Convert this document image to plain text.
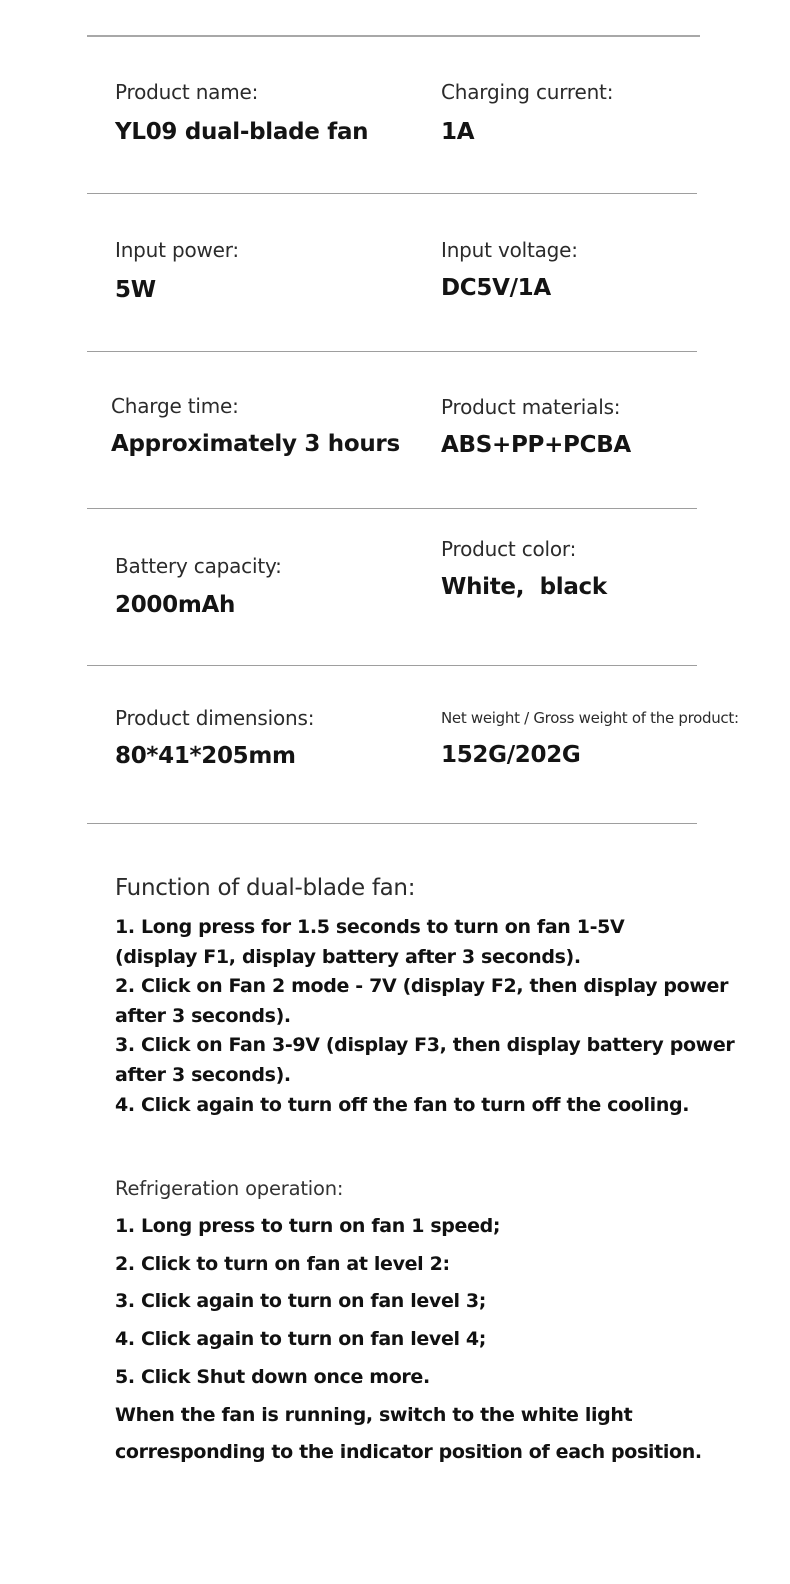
Product name:
YL09 dual-blade fan
Charging current:
1A
Input power:
5W
Input voltage:
DC5V/1A
Charge time:
Approximately 3 hours
Product materials:
ABS+PP+PCBA
Battery capacity:
2000mAh
Product color:
White,  black
Product dimensions:
80*41*205mm
Net weight / Gross weight of the product:
152G/202G
Function of dual-blade fan:
1. Long press for 1.5 seconds to turn on fan 1-5V
(display F1, display battery after 3 seconds).
2. Click on Fan 2 mode - 7V (display F2, then display power
after 3 seconds).
3. Click on Fan 3-9V (display F3, then display battery power
after 3 seconds).
4. Click again to turn off the fan to turn off the cooling.
Refrigeration operation:
1. Long press to turn on fan 1 speed;
2. Click to turn on fan at level 2:
3. Click again to turn on fan level 3;
4. Click again to turn on fan level 4;
5. Click Shut down once more.
When the fan is running, switch to the white light
corresponding to the indicator position of each position.
